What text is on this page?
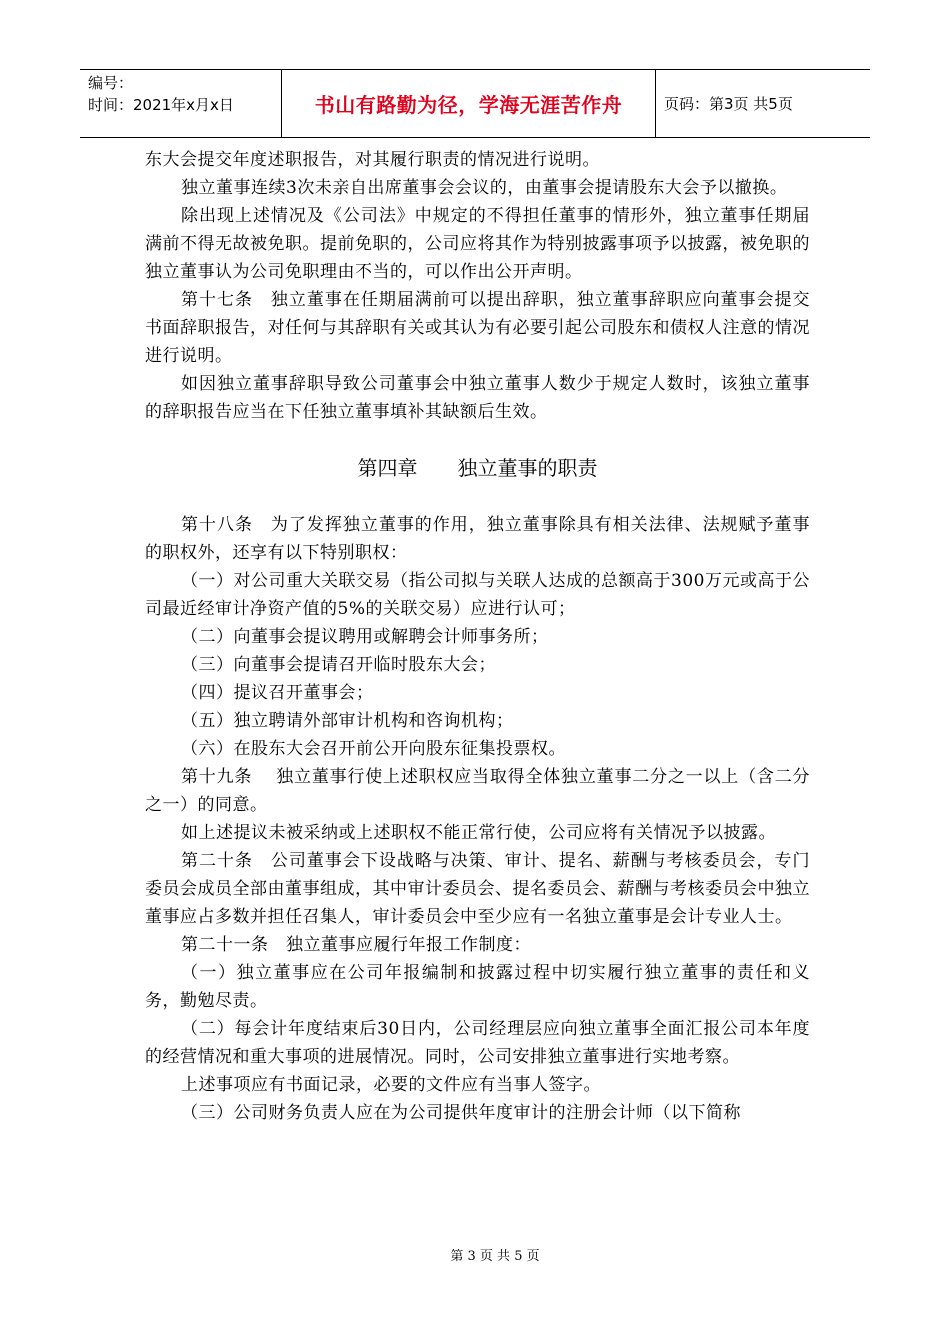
编号：
时间：2021年x月x日	书山有路勤为径，学海无涯苦作舟	页码：第3页 共5页

东大会提交年度述职报告，对其履行职责的情况进行说明。

独立董事连续3次未亲自出席董事会会议的，由董事会提请股东大会予以撤换。

除出现上述情况及《公司法》中规定的不得担任董事的情形外，独立董事任期届满前不得无故被免职。提前免职的，公司应将其作为特别披露事项予以披露，被免职的独立董事认为公司免职理由不当的，可以作出公开声明。

第十七条　独立董事在任期届满前可以提出辞职，独立董事辞职应向董事会提交书面辞职报告，对任何与其辞职有关或其认为有必要引起公司股东和债权人注意的情况进行说明。

如因独立董事辞职导致公司董事会中独立董事人数少于规定人数时，该独立董事的辞职报告应当在下任独立董事填补其缺额后生效。

第四章　　独立董事的职责

第十八条　为了发挥独立董事的作用，独立董事除具有相关法律、法规赋予董事的职权外，还享有以下特别职权：

（一）对公司重大关联交易（指公司拟与关联人达成的总额高于300万元或高于公司最近经审计净资产值的5%的关联交易）应进行认可；

（二）向董事会提议聘用或解聘会计师事务所；

（三）向董事会提请召开临时股东大会；

（四）提议召开董事会；

（五）独立聘请外部审计机构和咨询机构；

（六）在股东大会召开前公开向股东征集投票权。

第十九条　 独立董事行使上述职权应当取得全体独立董事二分之一以上（含二分之一）的同意。

如上述提议未被采纳或上述职权不能正常行使，公司应将有关情况予以披露。

第二十条　公司董事会下设战略与决策、审计、提名、薪酬与考核委员会，专门委员会成员全部由董事组成，其中审计委员会、提名委员会、薪酬与考核委员会中独立董事应占多数并担任召集人，审计委员会中至少应有一名独立董事是会计专业人士。

第二十一条　独立董事应履行年报工作制度：

（一）独立董事应在公司年报编制和披露过程中切实履行独立董事的责任和义务，勤勉尽责。

（二）每会计年度结束后30日内，公司经理层应向独立董事全面汇报公司本年度的经营情况和重大事项的进展情况。同时，公司安排独立董事进行实地考察。

上述事项应有书面记录，必要的文件应有当事人签字。

（三）公司财务负责人应在为公司提供年度审计的注册会计师（以下简称

第 3 页 共 5 页
